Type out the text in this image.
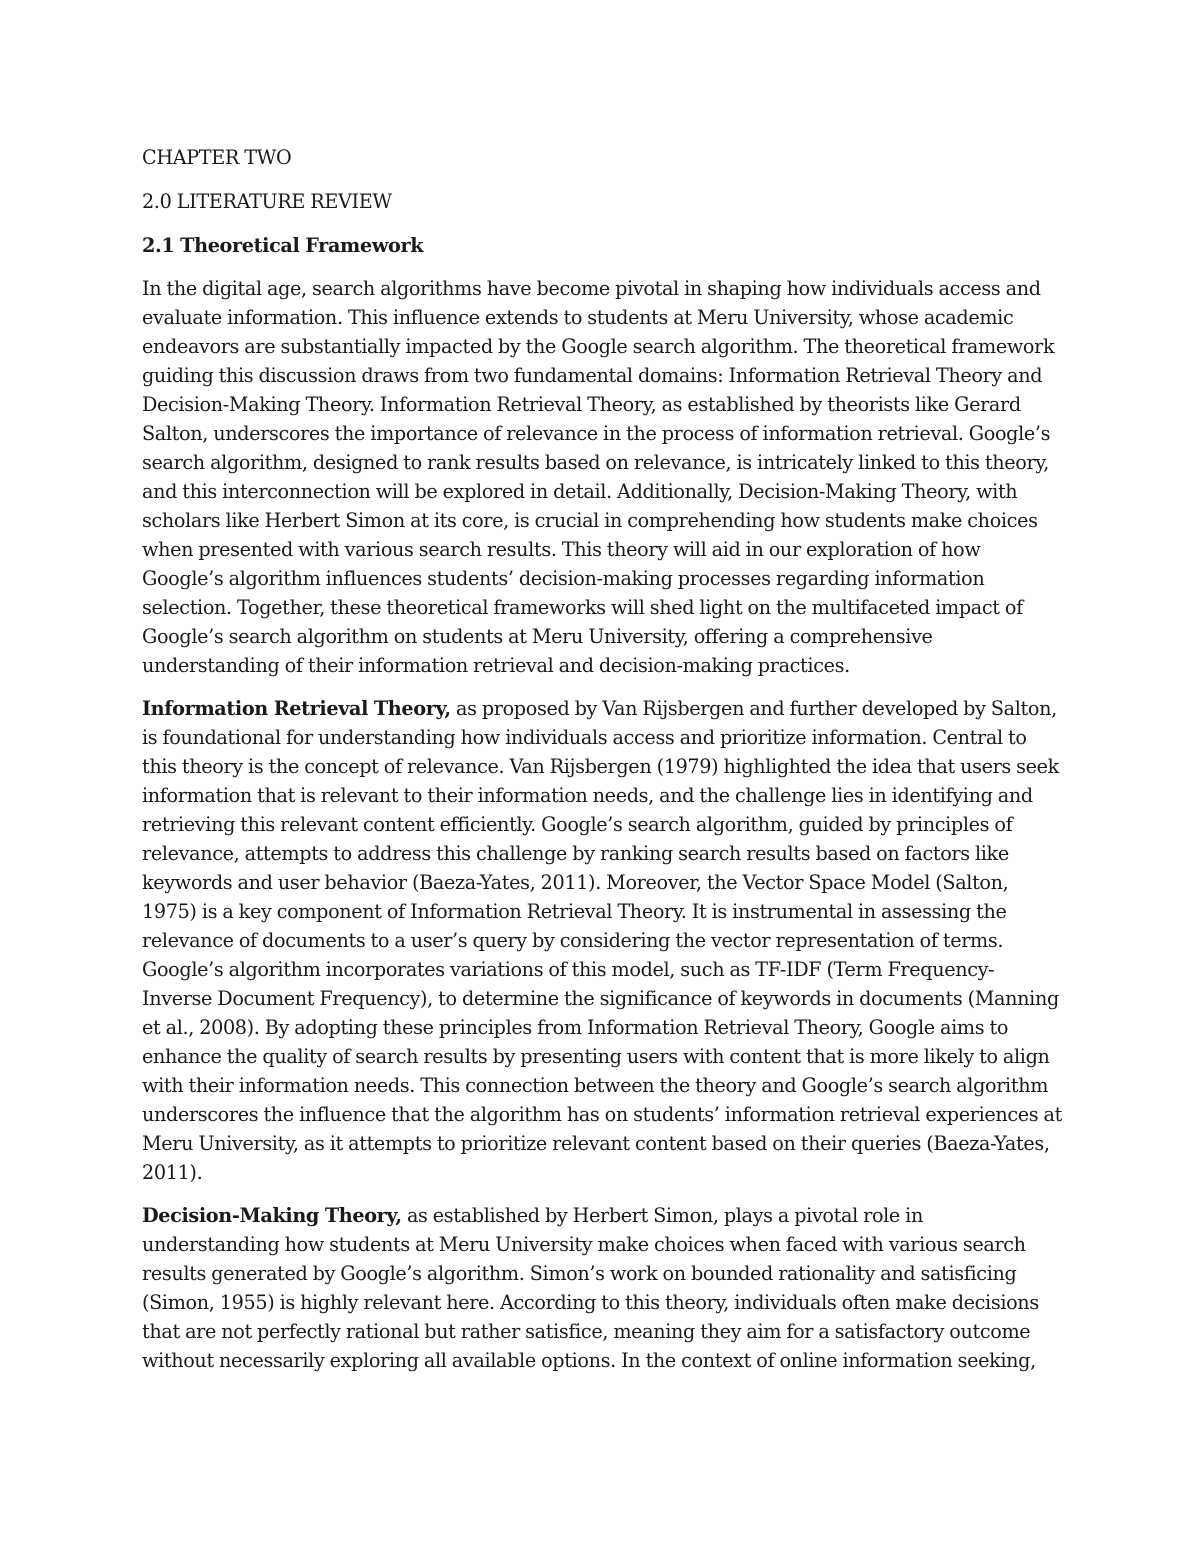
CHAPTER TWO
2.0 LITERATURE REVIEW
2.1 Theoretical Framework

In the digital age, search algorithms have become pivotal in shaping how individuals access and evaluate information. This influence extends to students at Meru University, whose academic endeavors are substantially impacted by the Google search algorithm. The theoretical framework guiding this discussion draws from two fundamental domains: Information Retrieval Theory and Decision-Making Theory. Information Retrieval Theory, as established by theorists like Gerard Salton, underscores the importance of relevance in the process of information retrieval. Google’s search algorithm, designed to rank results based on relevance, is intricately linked to this theory, and this interconnection will be explored in detail. Additionally, Decision-Making Theory, with scholars like Herbert Simon at its core, is crucial in comprehending how students make choices when presented with various search results. This theory will aid in our exploration of how Google’s algorithm influences students’ decision-making processes regarding information selection. Together, these theoretical frameworks will shed light on the multifaceted impact of Google’s search algorithm on students at Meru University, offering a comprehensive understanding of their information retrieval and decision-making practices.

Information Retrieval Theory, as proposed by Van Rijsbergen and further developed by Salton, is foundational for understanding how individuals access and prioritize information. Central to this theory is the concept of relevance. Van Rijsbergen (1979) highlighted the idea that users seek information that is relevant to their information needs, and the challenge lies in identifying and retrieving this relevant content efficiently. Google’s search algorithm, guided by principles of relevance, attempts to address this challenge by ranking search results based on factors like keywords and user behavior (Baeza-Yates, 2011). Moreover, the Vector Space Model (Salton, 1975) is a key component of Information Retrieval Theory. It is instrumental in assessing the relevance of documents to a user’s query by considering the vector representation of terms. Google’s algorithm incorporates variations of this model, such as TF-IDF (Term Frequency-Inverse Document Frequency), to determine the significance of keywords in documents (Manning et al., 2008). By adopting these principles from Information Retrieval Theory, Google aims to enhance the quality of search results by presenting users with content that is more likely to align with their information needs. This connection between the theory and Google’s search algorithm underscores the influence that the algorithm has on students’ information retrieval experiences at Meru University, as it attempts to prioritize relevant content based on their queries (Baeza-Yates, 2011).

Decision-Making Theory, as established by Herbert Simon, plays a pivotal role in understanding how students at Meru University make choices when faced with various search results generated by Google’s algorithm. Simon’s work on bounded rationality and satisficing (Simon, 1955) is highly relevant here. According to this theory, individuals often make decisions that are not perfectly rational but rather satisfice, meaning they aim for a satisfactory outcome without necessarily exploring all available options. In the context of online information seeking,
